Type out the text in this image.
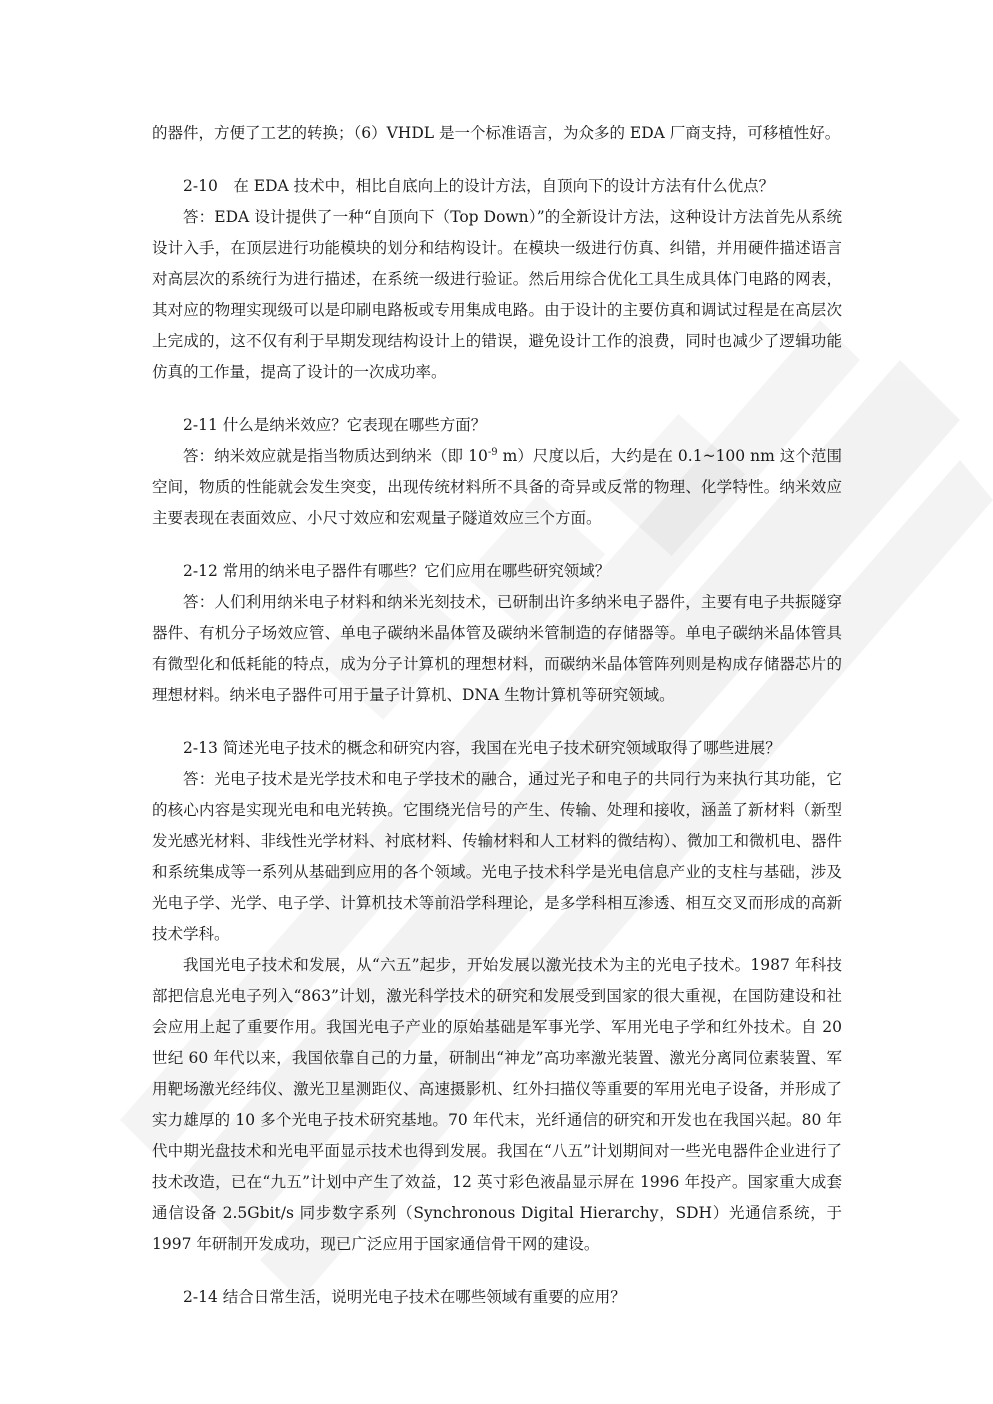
的器件，方便了工艺的转换；（6）VHDL 是一个标准语言，为众多的 EDA 厂商支持，可移植性好。

2-10　在 EDA 技术中，相比自底向上的设计方法，自顶向下的设计方法有什么优点？

答：EDA 设计提供了一种“自顶向下（Top Down）”的全新设计方法，这种设计方法首先从系统设计入手，在顶层进行功能模块的划分和结构设计。在模块一级进行仿真、纠错，并用硬件描述语言对高层次的系统行为进行描述，在系统一级进行验证。然后用综合优化工具生成具体门电路的网表，其对应的物理实现级可以是印刷电路板或专用集成电路。由于设计的主要仿真和调试过程是在高层次上完成的，这不仅有利于早期发现结构设计上的错误，避免设计工作的浪费，同时也减少了逻辑功能仿真的工作量，提高了设计的一次成功率。

2-11 什么是纳米效应？它表现在哪些方面？

答：纳米效应就是指当物质达到纳米（即 $10^{-9}$ m）尺度以后，大约是在 0.1~100 nm 这个范围空间，物质的性能就会发生突变，出现传统材料所不具备的奇异或反常的物理、化学特性。纳米效应主要表现在表面效应、小尺寸效应和宏观量子隧道效应三个方面。

2-12 常用的纳米电子器件有哪些？它们应用在哪些研究领域？

答：人们利用纳米电子材料和纳米光刻技术，已研制出许多纳米电子器件，主要有电子共振隧穿器件、有机分子场效应管、单电子碳纳米晶体管及碳纳米管制造的存储器等。单电子碳纳米晶体管具有微型化和低耗能的特点，成为分子计算机的理想材料，而碳纳米晶体管阵列则是构成存储器芯片的理想材料。纳米电子器件可用于量子计算机、DNA 生物计算机等研究领域。

2-13 简述光电子技术的概念和研究内容，我国在光电子技术研究领域取得了哪些进展？

答：光电子技术是光学技术和电子学技术的融合，通过光子和电子的共同行为来执行其功能，它的核心内容是实现光电和电光转换。它围绕光信号的产生、传输、处理和接收，涵盖了新材料（新型发光感光材料、非线性光学材料、衬底材料、传输材料和人工材料的微结构）、微加工和微机电、器件和系统集成等一系列从基础到应用的各个领域。光电子技术科学是光电信息产业的支柱与基础，涉及光电子学、光学、电子学、计算机技术等前沿学科理论，是多学科相互渗透、相互交叉而形成的高新技术学科。

我国光电子技术和发展，从“六五”起步，开始发展以激光技术为主的光电子技术。1987 年科技部把信息光电子列入“863”计划，激光科学技术的研究和发展受到国家的很大重视，在国防建设和社会应用上起了重要作用。我国光电子产业的原始基础是军事光学、军用光电子学和红外技术。自 20 世纪 60 年代以来，我国依靠自己的力量，研制出“神龙”高功率激光装置、激光分离同位素装置、军用靶场激光经纬仪、激光卫星测距仪、高速摄影机、红外扫描仪等重要的军用光电子设备，并形成了实力雄厚的 10 多个光电子技术研究基地。70 年代末，光纤通信的研究和开发也在我国兴起。80 年代中期光盘技术和光电平面显示技术也得到发展。我国在“八五”计划期间对一些光电器件企业进行了技术改造，已在“九五”计划中产生了效益，12 英寸彩色液晶显示屏在 1996 年投产。国家重大成套通信设备 2.5Gbit/s 同步数字系列（Synchronous Digital Hierarchy，SDH）光通信系统，于 1997 年研制开发成功，现已广泛应用于国家通信骨干网的建设。

2-14 结合日常生活，说明光电子技术在哪些领域有重要的应用？
